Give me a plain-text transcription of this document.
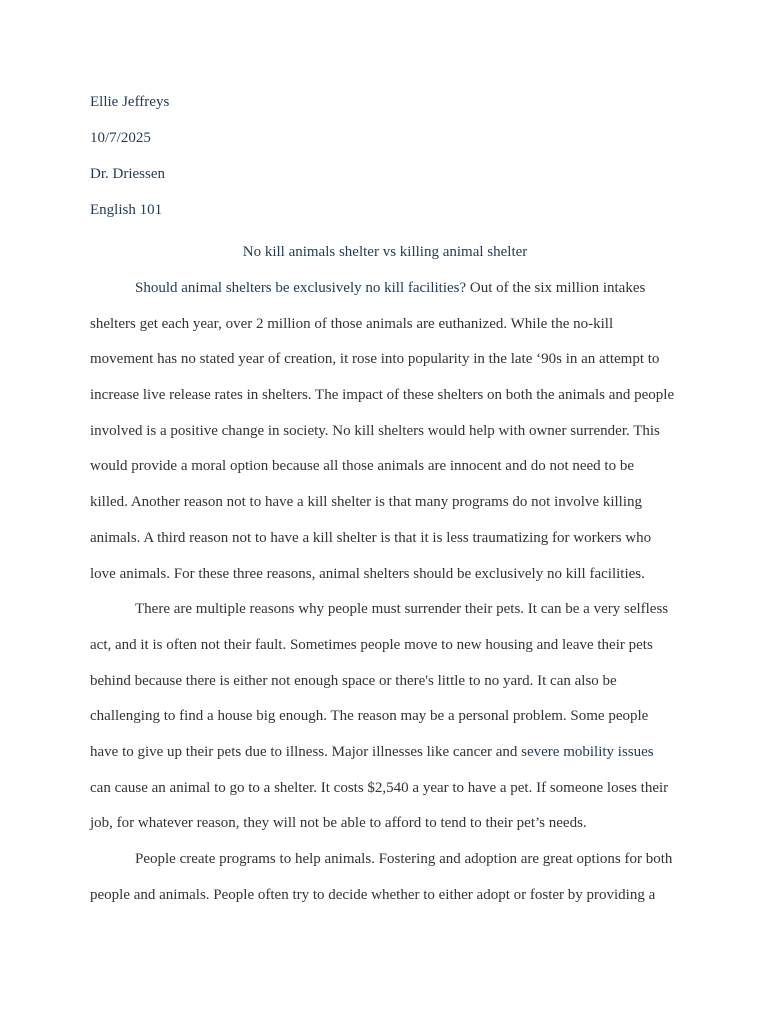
Ellie Jeffreys
10/7/2025
Dr. Driessen
English 101
No kill animals shelter vs killing animal shelter
Should animal shelters be exclusively no kill facilities? Out of the six million intakes
shelters get each year, over 2 million of those animals are euthanized. While the no-kill
movement has no stated year of creation, it rose into popularity in the late ‘90s in an attempt to
increase live release rates in shelters. The impact of these shelters on both the animals and people
involved is a positive change in society. No kill shelters would help with owner surrender. This
would provide a moral option because all those animals are innocent and do not need to be
killed. Another reason not to have a kill shelter is that many programs do not involve killing
animals. A third reason not to have a kill shelter is that it is less traumatizing for workers who
love animals. For these three reasons, animal shelters should be exclusively no kill facilities.
There are multiple reasons why people must surrender their pets. It can be a very selfless
act, and it is often not their fault. Sometimes people move to new housing and leave their pets
behind because there is either not enough space or there's little to no yard. It can also be
challenging to find a house big enough. The reason may be a personal problem. Some people
have to give up their pets due to illness. Major illnesses like cancer and severe mobility issues
can cause an animal to go to a shelter. It costs $2,540 a year to have a pet. If someone loses their
job, for whatever reason, they will not be able to afford to tend to their pet’s needs.
People create programs to help animals. Fostering and adoption are great options for both
people and animals. People often try to decide whether to either adopt or foster by providing a
